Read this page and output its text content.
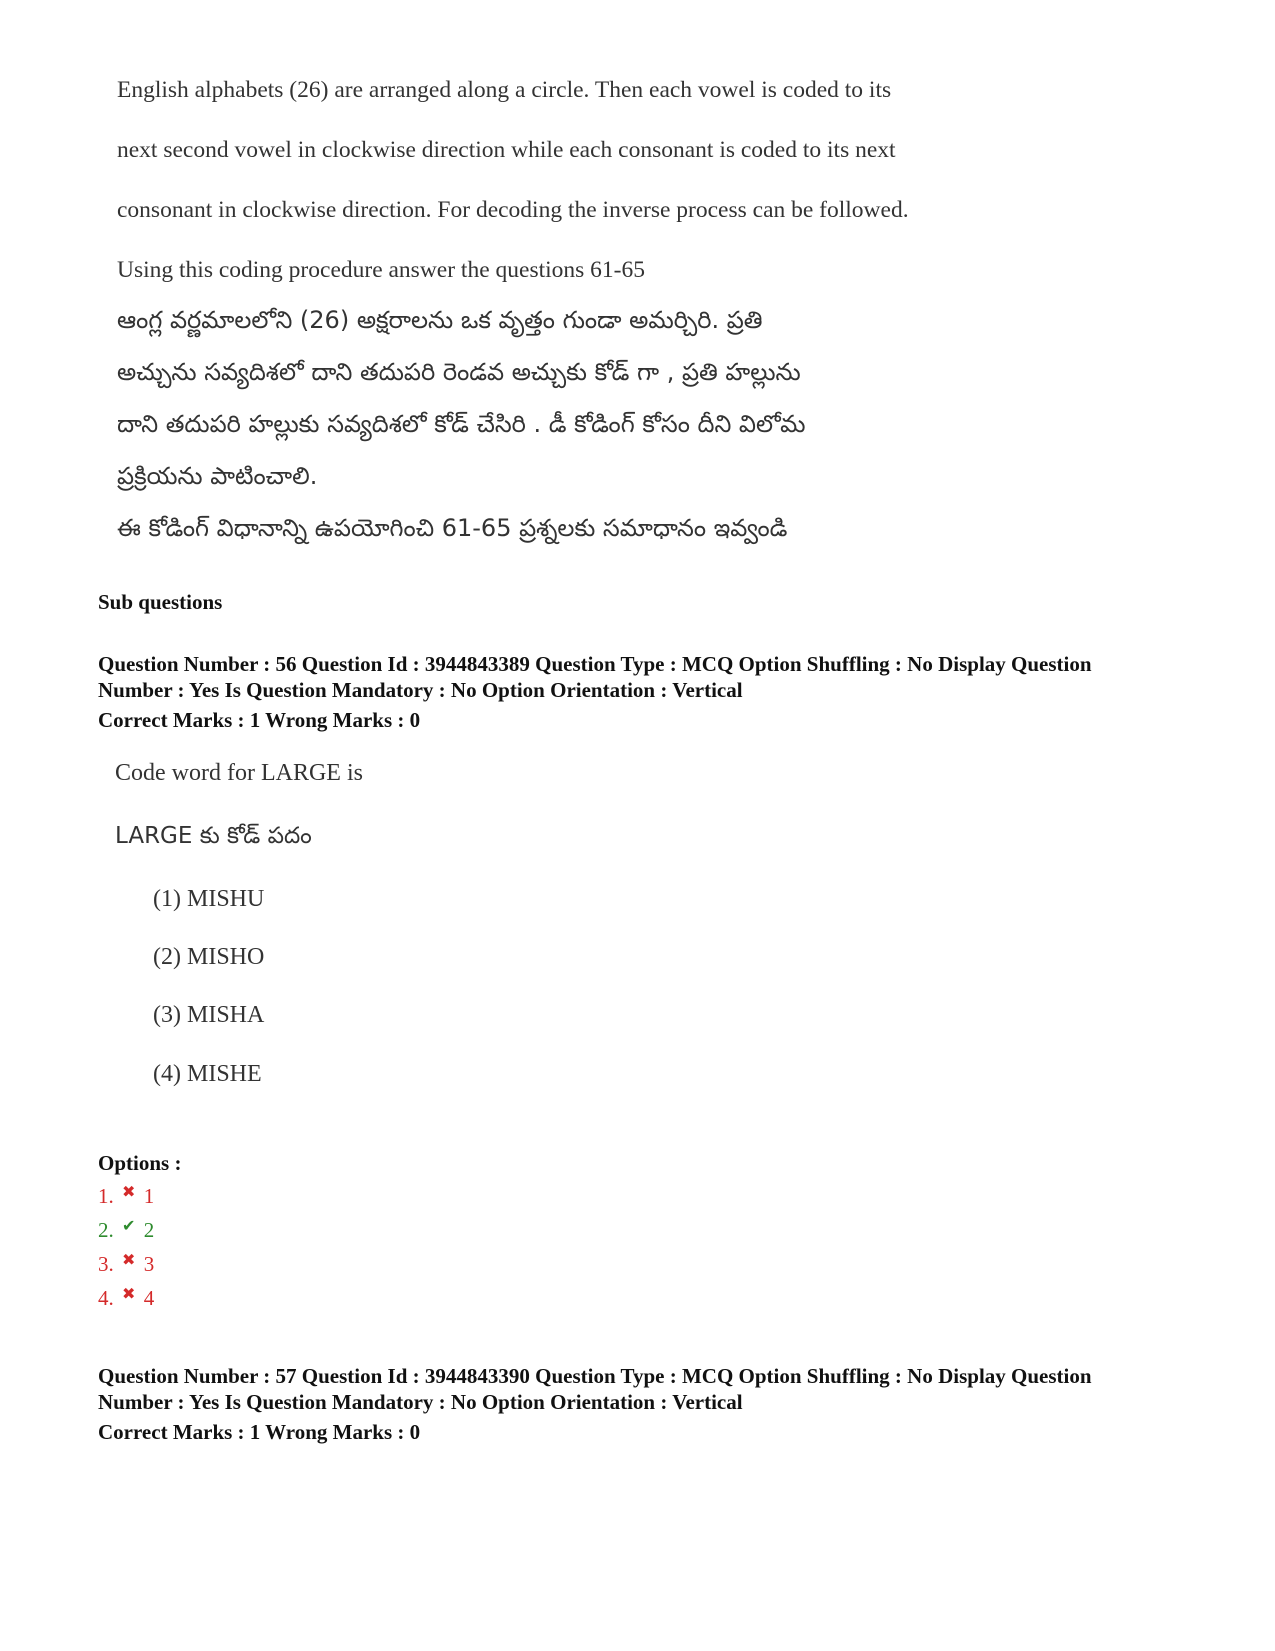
English alphabets (26) are arranged along a circle. Then each vowel is coded to its
next second vowel in clockwise direction while each consonant is coded to its next
consonant in clockwise direction. For decoding the inverse process can be followed.
Using this coding procedure answer the questions 61-65
ఆంగ్ల వర్ణమాలలోని (26) అక్షరాలను ఒక వృత్తం గుండా అమర్చిరి. ప్రతి
అచ్చును సవ్యదిశలో దాని తదుపరి రెండవ అచ్చుకు కోడ్ గా , ప్రతి హల్లును
దాని తదుపరి హల్లుకు సవ్యదిశలో కోడ్ చేసిరి . డీ కోడింగ్ కోసం దీని విలోమ
ప్రక్రియను పాటించాలి.
ఈ కోడింగ్ విధానాన్ని ఉపయోగించి 61-65 ప్రశ్నలకు సమాధానం ఇవ్వండి
Sub questions
Question Number : 56 Question Id : 3944843389 Question Type : MCQ Option Shuffling : No Display Question
Number : Yes Is Question Mandatory : No Option Orientation : Vertical
Correct Marks : 1 Wrong Marks : 0
Code word for LARGE is
LARGE కు కోడ్ పదం
(1) MISHU
(2) MISHO
(3) MISHA
(4) MISHE
Options :
1. ✖ 1
2. ✔ 2
3. ✖ 3
4. ✖ 4
Question Number : 57 Question Id : 3944843390 Question Type : MCQ Option Shuffling : No Display Question
Number : Yes Is Question Mandatory : No Option Orientation : Vertical
Correct Marks : 1 Wrong Marks : 0
